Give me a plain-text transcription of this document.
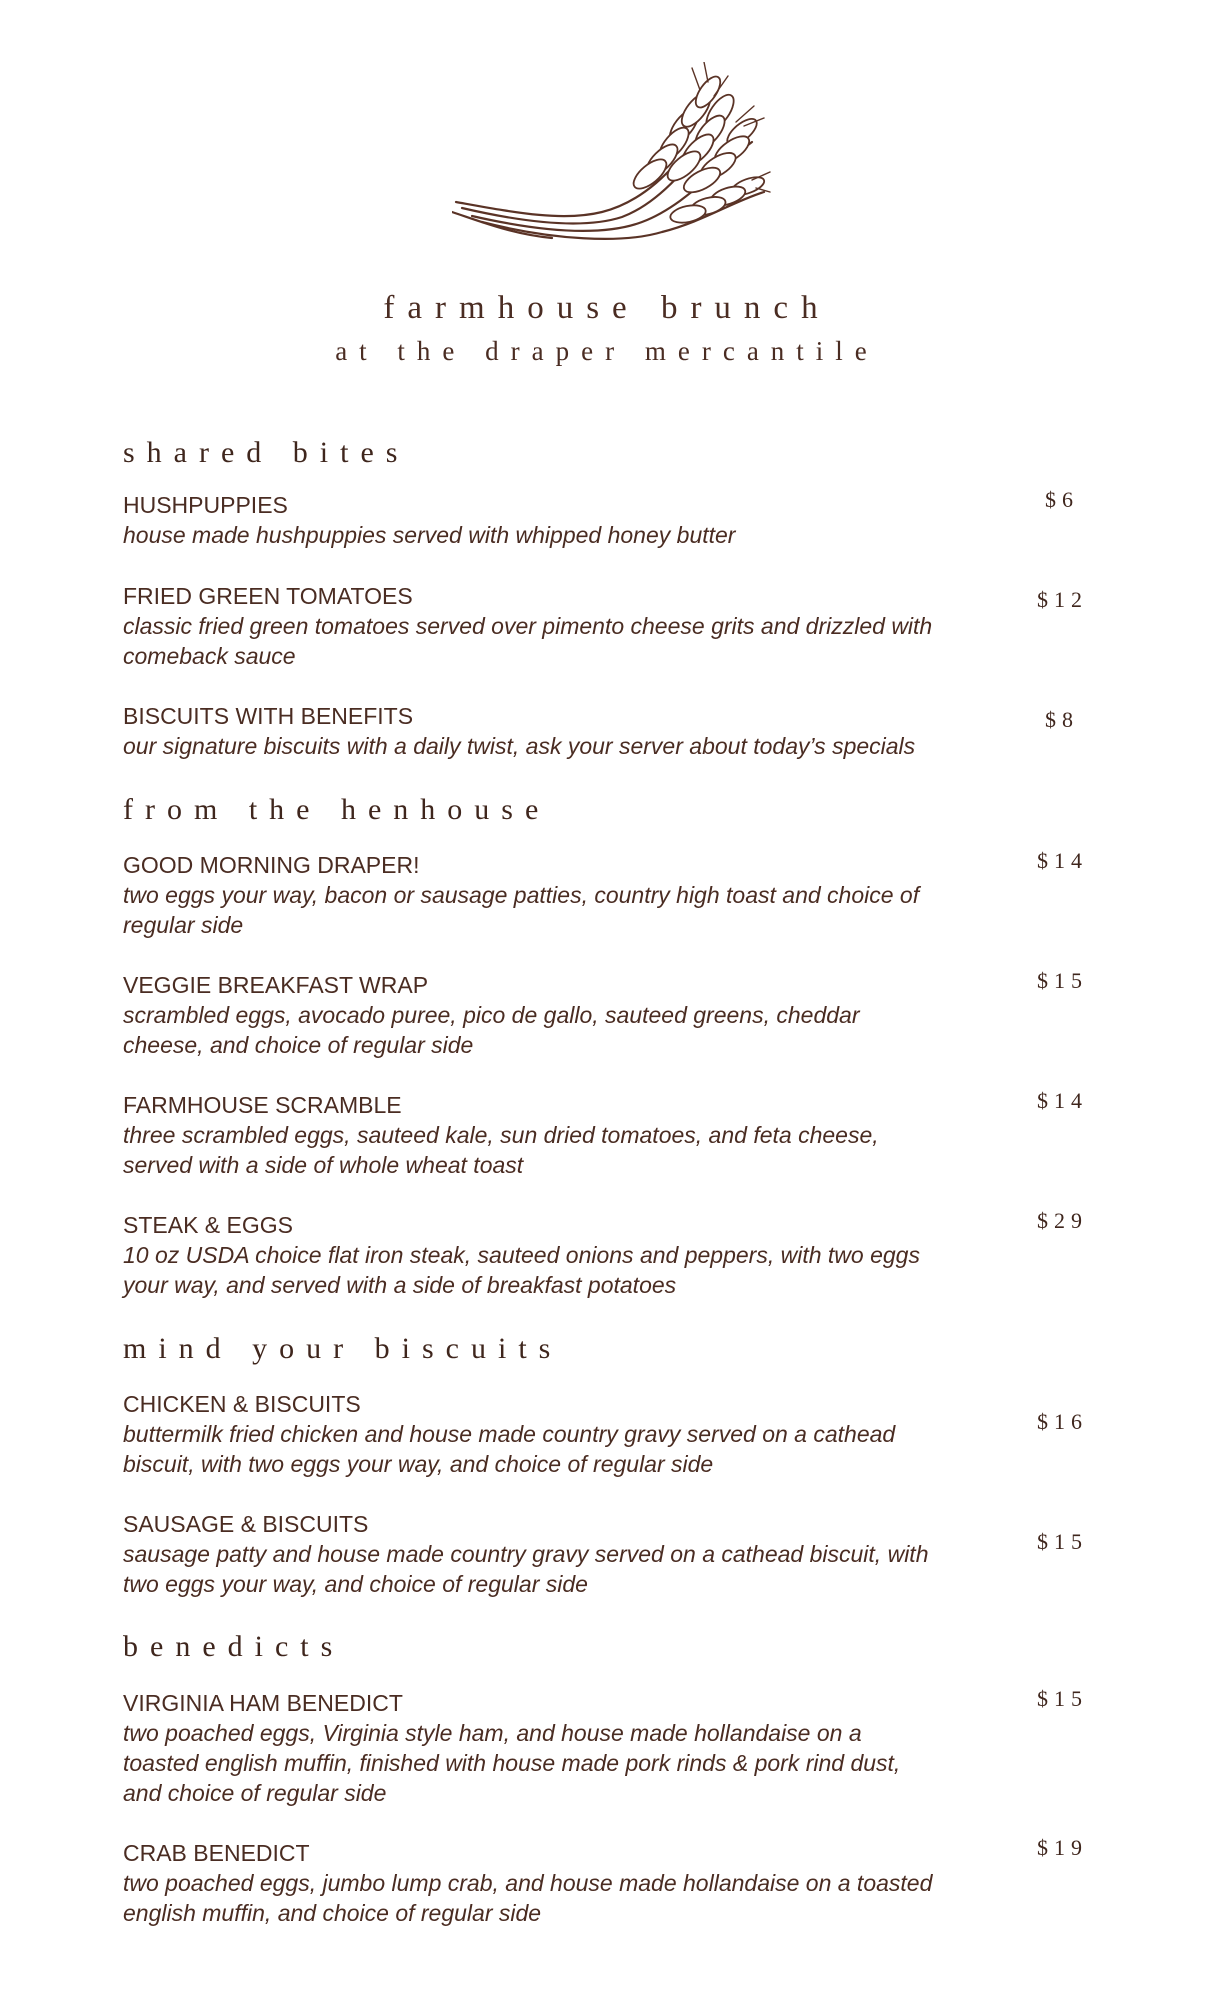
farmhouse brunch
at the draper mercantile
shared bites
HUSHPUPPIES
house made hushpuppies served with whipped honey butter
$6
FRIED GREEN TOMATOES
classic fried green tomatoes served over pimento cheese grits and drizzled with comeback sauce
$12
BISCUITS WITH BENEFITS
our signature biscuits with a daily twist, ask your server about today’s specials
$8
from the henhouse
GOOD MORNING DRAPER!
two eggs your way, bacon or sausage patties, country high toast and choice of regular side
$14
VEGGIE BREAKFAST WRAP
scrambled eggs, avocado puree, pico de gallo, sauteed greens, cheddar cheese, and choice of regular side
$15
FARMHOUSE SCRAMBLE
three scrambled eggs, sauteed kale, sun dried tomatoes, and feta cheese, served with a side of whole wheat toast
$14
STEAK & EGGS
10 oz USDA choice flat iron steak, sauteed onions and peppers, with two eggs your way, and served with a side of breakfast potatoes
$29
mind your biscuits
CHICKEN & BISCUITS
buttermilk fried chicken and house made country gravy served on a cathead biscuit, with two eggs your way, and choice of regular side
$16
SAUSAGE & BISCUITS
sausage patty and house made country gravy served on a cathead biscuit, with two eggs your way, and choice of regular side
$15
benedicts
VIRGINIA HAM BENEDICT
two poached eggs, Virginia style ham, and house made hollandaise on a toasted english muffin, finished with house made pork rinds & pork rind dust, and choice of regular side
$15
CRAB BENEDICT
two poached eggs, jumbo lump crab, and house made hollandaise on a toasted english muffin, and choice of regular side
$19
